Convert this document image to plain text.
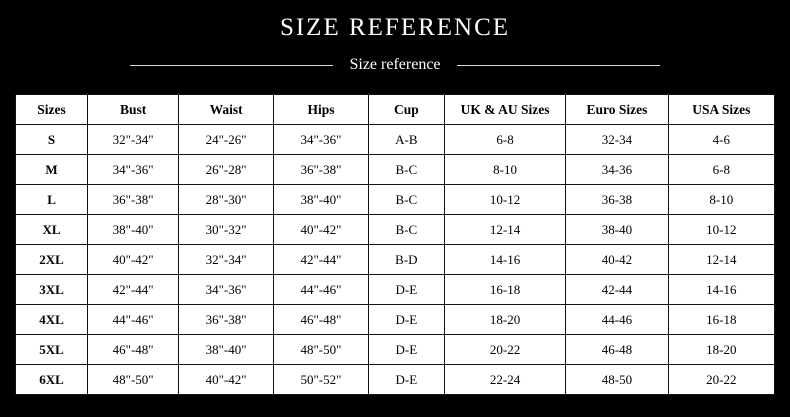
SIZE REFERENCE
Size reference
Sizes	Bust	Waist	Hips	Cup	UK & AU Sizes	Euro Sizes	USA Sizes
S	32"-34"	24"-26"	34"-36"	A-B	6-8	32-34	4-6
M	34"-36"	26"-28"	36"-38"	B-C	8-10	34-36	6-8
L	36"-38"	28"-30"	38"-40"	B-C	10-12	36-38	8-10
XL	38"-40"	30"-32"	40"-42"	B-C	12-14	38-40	10-12
2XL	40"-42"	32"-34"	42"-44"	B-D	14-16	40-42	12-14
3XL	42"-44"	34"-36"	44"-46"	D-E	16-18	42-44	14-16
4XL	44"-46"	36"-38"	46"-48"	D-E	18-20	44-46	16-18
5XL	46"-48"	38"-40"	48"-50"	D-E	20-22	46-48	18-20
6XL	48"-50"	40"-42"	50"-52"	D-E	22-24	48-50	20-22
